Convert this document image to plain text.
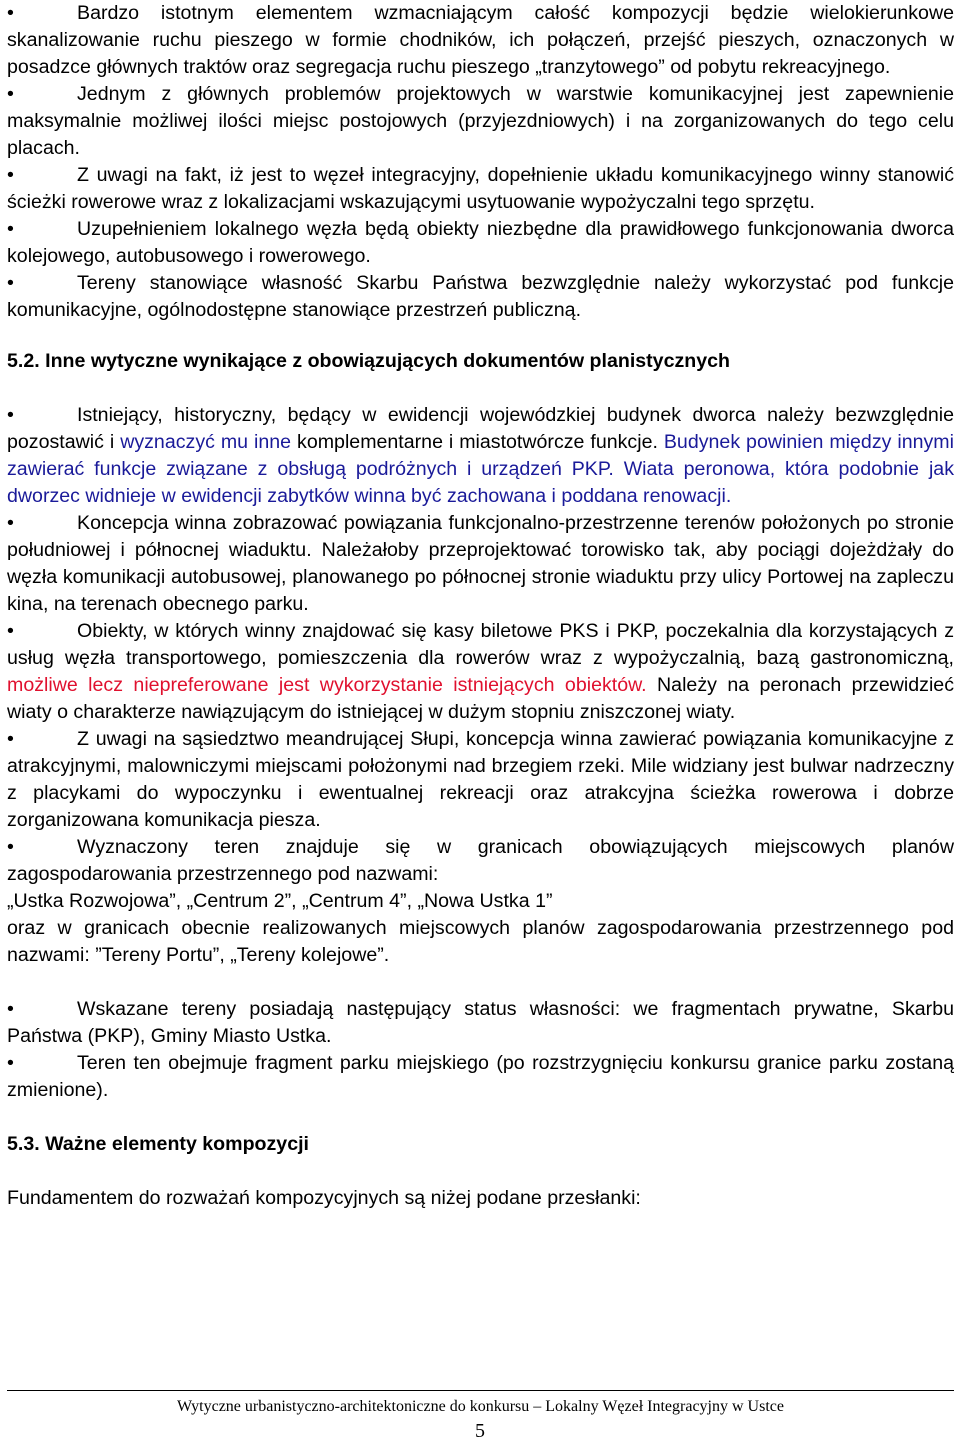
•	Bardzo istotnym elementem wzmacniającym całość kompozycji będzie wielokierunkowe skanalizowanie ruchu pieszego w formie chodników, ich połączeń, przejść pieszych, oznaczonych w posadzce głównych traktów oraz segregacja ruchu pieszego „tranzytowego” od pobytu rekreacyjnego.

•	Jednym z głównych problemów projektowych w warstwie komunikacyjnej jest zapewnienie maksymalnie możliwej ilości miejsc postojowych (przyjezdniowych) i na zorganizowanych do tego celu placach.

•	Z uwagi na fakt, iż jest to węzeł integracyjny, dopełnienie układu komunikacyjnego winny stanowić ścieżki rowerowe wraz z lokalizacjami wskazującymi usytuowanie wypożyczalni tego sprzętu.

•	Uzupełnieniem lokalnego węzła będą obiekty niezbędne dla prawidłowego funkcjonowania dworca kolejowego, autobusowego i rowerowego.

•	Tereny stanowiące własność Skarbu Państwa bezwzględnie należy wykorzystać pod funkcje komunikacyjne, ogólnodostępne stanowiące przestrzeń publiczną.

5.2. Inne wytyczne wynikające z obowiązujących dokumentów planistycznych

•	Istniejący, historyczny, będący w ewidencji wojewódzkiej budynek dworca należy bezwzględnie pozostawić i wyznaczyć mu inne komplementarne i miastotwórcze funkcje. Budynek powinien między innymi zawierać funkcje związane z obsługą podróżnych i urządzeń PKP. Wiata peronowa, która podobnie jak dworzec widnieje w ewidencji zabytków winna być zachowana i poddana renowacji.

•	Koncepcja winna zobrazować powiązania funkcjonalno-przestrzenne terenów położonych po stronie południowej i północnej wiaduktu. Należałoby przeprojektować torowisko tak, aby pociągi dojeżdżały do węzła komunikacji autobusowej, planowanego po północnej stronie wiaduktu przy ulicy Portowej na zapleczu kina, na terenach obecnego parku.

•	Obiekty, w których winny znajdować się kasy biletowe PKS i PKP, poczekalnia dla korzystających z usług węzła transportowego, pomieszczenia dla rowerów wraz z wypożyczalnią, bazą gastronomiczną, możliwe lecz niepreferowane jest wykorzystanie istniejących obiektów. Należy na peronach przewidzieć wiaty o charakterze nawiązującym do istniejącej w dużym stopniu zniszczonej wiaty.

•	Z uwagi na sąsiedztwo meandrującej Słupi, koncepcja winna zawierać powiązania komunikacyjne z atrakcyjnymi, malowniczymi miejscami położonymi nad brzegiem rzeki. Mile widziany jest bulwar nadrzeczny z placykami do wypoczynku i ewentualnej rekreacji oraz atrakcyjna ścieżka rowerowa i dobrze zorganizowana komunikacja piesza.

•	Wyznaczony teren znajduje się w granicach obowiązujących miejscowych planów zagospodarowania przestrzennego pod nazwami:

„Ustka Rozwojowa”, „Centrum 2”, „Centrum 4”, „Nowa Ustka 1”

oraz w granicach obecnie realizowanych miejscowych planów zagospodarowania przestrzennego pod nazwami: ”Tereny Portu”, „Tereny kolejowe”.

•	Wskazane tereny posiadają następujący status własności: we fragmentach prywatne, Skarbu Państwa (PKP), Gminy Miasto Ustka.

•	Teren ten obejmuje fragment parku miejskiego (po rozstrzygnięciu konkursu granice parku zostaną zmienione).

5.3. Ważne elementy kompozycji

Fundamentem do rozważań kompozycyjnych są niżej podane przesłanki:

Wytyczne urbanistyczno-architektoniczne do konkursu – Lokalny Węzeł Integracyjny w Ustce
5
